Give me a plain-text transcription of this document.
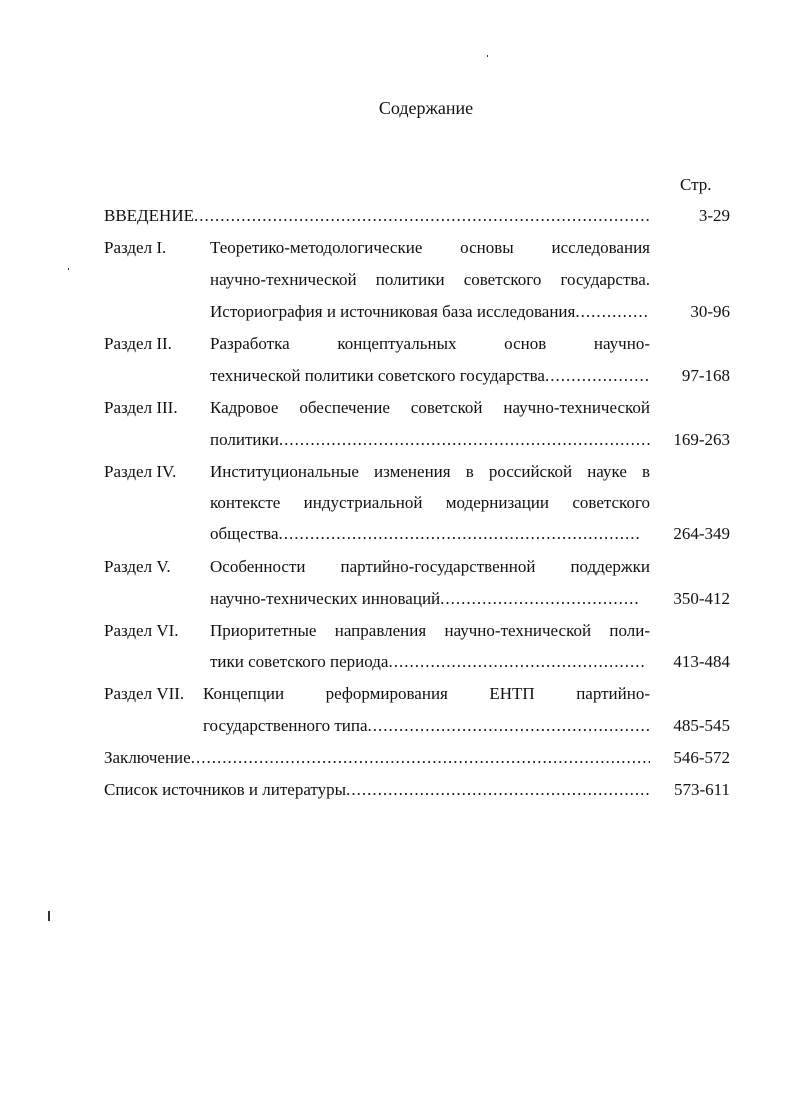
Содержание
Стр.
ВВЕДЕНИЕ .....	3-29
Раздел I.	Теоретико-методологические основы исследования
научно-технической политики советского государства.
Историография и источниковая база исследования .....	30-96
Раздел II. Разработка концептуальных основ научно-
технической политики советского государства .....	97-168
Раздел III. Кадровое обеспечение советской научно-технической
политики .....	169-263
Раздел IV. Институциональные изменения в российской науке в
контексте индустриальной модернизации советского
общества .....	264-349
Раздел V. Особенности партийно-государственной поддержки
научно-технических инноваций .....	350-412
Раздел VI. Приоритетные направления научно-технической поли-
тики советского периода .....	413-484
Раздел VII. Концепции реформирования ЕНТП партийно-
государственного типа .....	485-545
Заключение .....	546-572
Список источников и литературы .....	573-611
